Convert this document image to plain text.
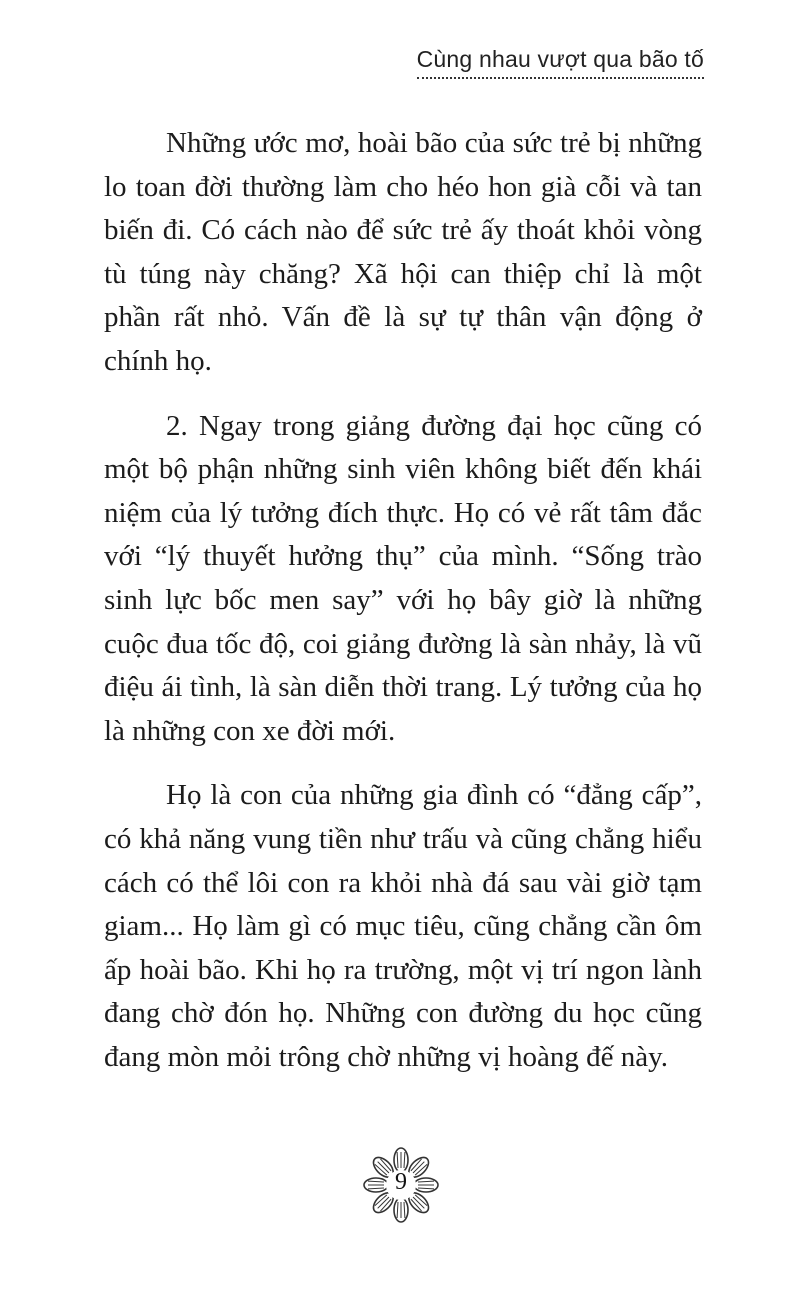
Cùng nhau vượt qua bão tố

Những ước mơ, hoài bão của sức trẻ bị những lo toan đời thường làm cho héo hon già cỗi và tan biến đi. Có cách nào để sức trẻ ấy thoát khỏi vòng tù túng này chăng? Xã hội can thiệp chỉ là một phần rất nhỏ. Vấn đề là sự tự thân vận động ở chính họ.

2. Ngay trong giảng đường đại học cũng có một bộ phận những sinh viên không biết đến khái niệm của lý tưởng đích thực. Họ có vẻ rất tâm đắc với “lý thuyết hưởng thụ” của mình. “Sống trào sinh lực bốc men say” với họ bây giờ là những cuộc đua tốc độ, coi giảng đường là sàn nhảy, là vũ điệu ái tình, là sàn diễn thời trang. Lý tưởng của họ là những con xe đời mới.

Họ là con của những gia đình có “đẳng cấp”, có khả năng vung tiền như trấu và cũng chẳng hiểu cách có thể lôi con ra khỏi nhà đá sau vài giờ tạm giam... Họ làm gì có mục tiêu, cũng chẳng cần ôm ấp hoài bão. Khi họ ra trường, một vị trí ngon lành đang chờ đón họ. Những con đường du học cũng đang mòn mỏi trông chờ những vị hoàng đế này.

9
